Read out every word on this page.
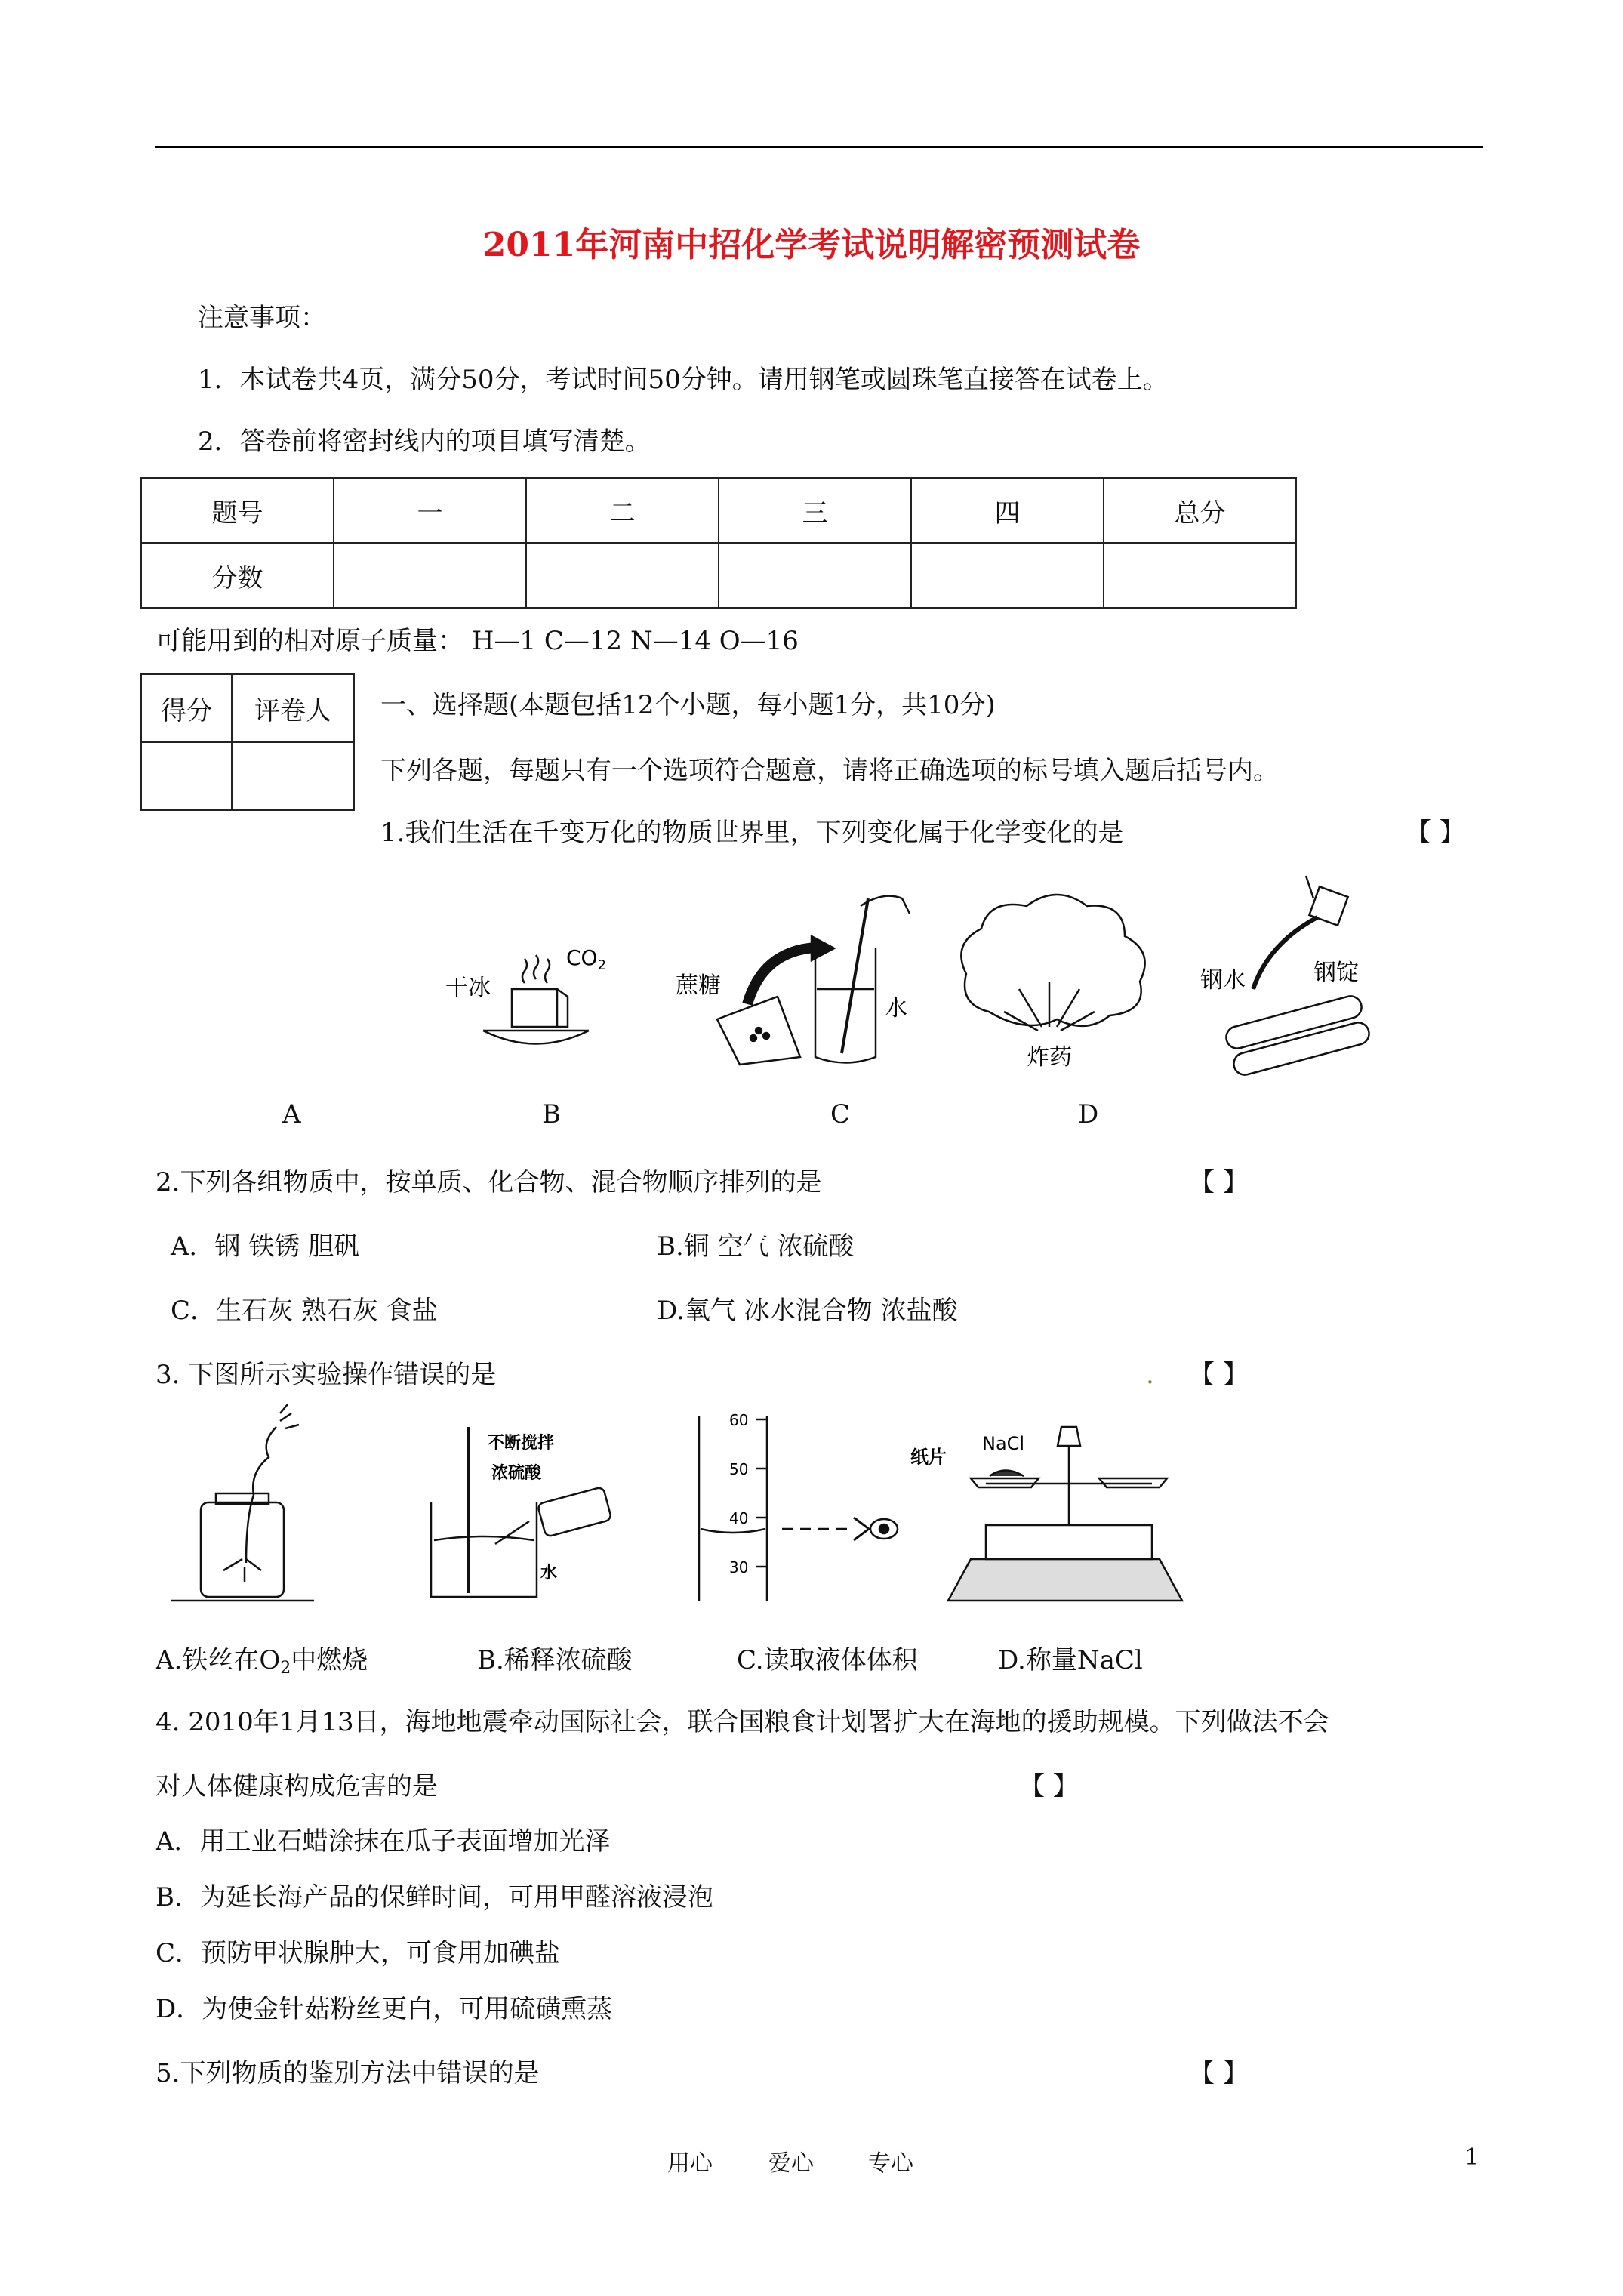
2011年河南中招化学考试说明解密预测试卷
注意事项：
1．本试卷共4页，满分50分，考试时间50分钟。请用钢笔或圆珠笔直接答在试卷上。
2．答卷前将密封线内的项目填写清楚。
题号	一	二	三	四	总分
分数					
可能用到的相对原子质量： H—1 C—12 N—14 O—16
得分	评卷人
	一、选择题(本题包括12个小题，每小题1分，共10分)
下列各题，每题只有一个选项符合题意，请将正确选项的标号填入题后括号内。
1.我们生活在千变万化的物质世界里，下列变化属于化学变化的是	【 】
干冰
$CO_2$
蔗糖
水
炸药
钢水	钢锭
A	B	C	D
2.下列各组物质中，按单质、化合物、混合物顺序排列的是	【 】
A．钢 铁锈 胆矾	B.铜 空气 浓硫酸
C．生石灰 熟石灰 食盐	D.氧气 冰水混合物 浓盐酸
3. 下图所示实验操作错误的是	. 【 】
不断搅拌
浓硫酸
水
60
50
40
30
纸片
NaCl
A.铁丝在O2中燃烧	B.稀释浓硫酸	C.读取液体体积	D.称量NaCl
4. 2010年1月13日，海地地震牵动国际社会，联合国粮食计划署扩大在海地的援助规模。下列做法不会
对人体健康构成危害的是	【 】
A．用工业石蜡涂抹在瓜子表面增加光泽
B．为延长海产品的保鲜时间，可用甲醛溶液浸泡
C．预防甲状腺肿大，可食用加碘盐
D．为使金针菇粉丝更白，可用硫磺熏蒸
5.下列物质的鉴别方法中错误的是	【 】
用心 爱心 专心	1
